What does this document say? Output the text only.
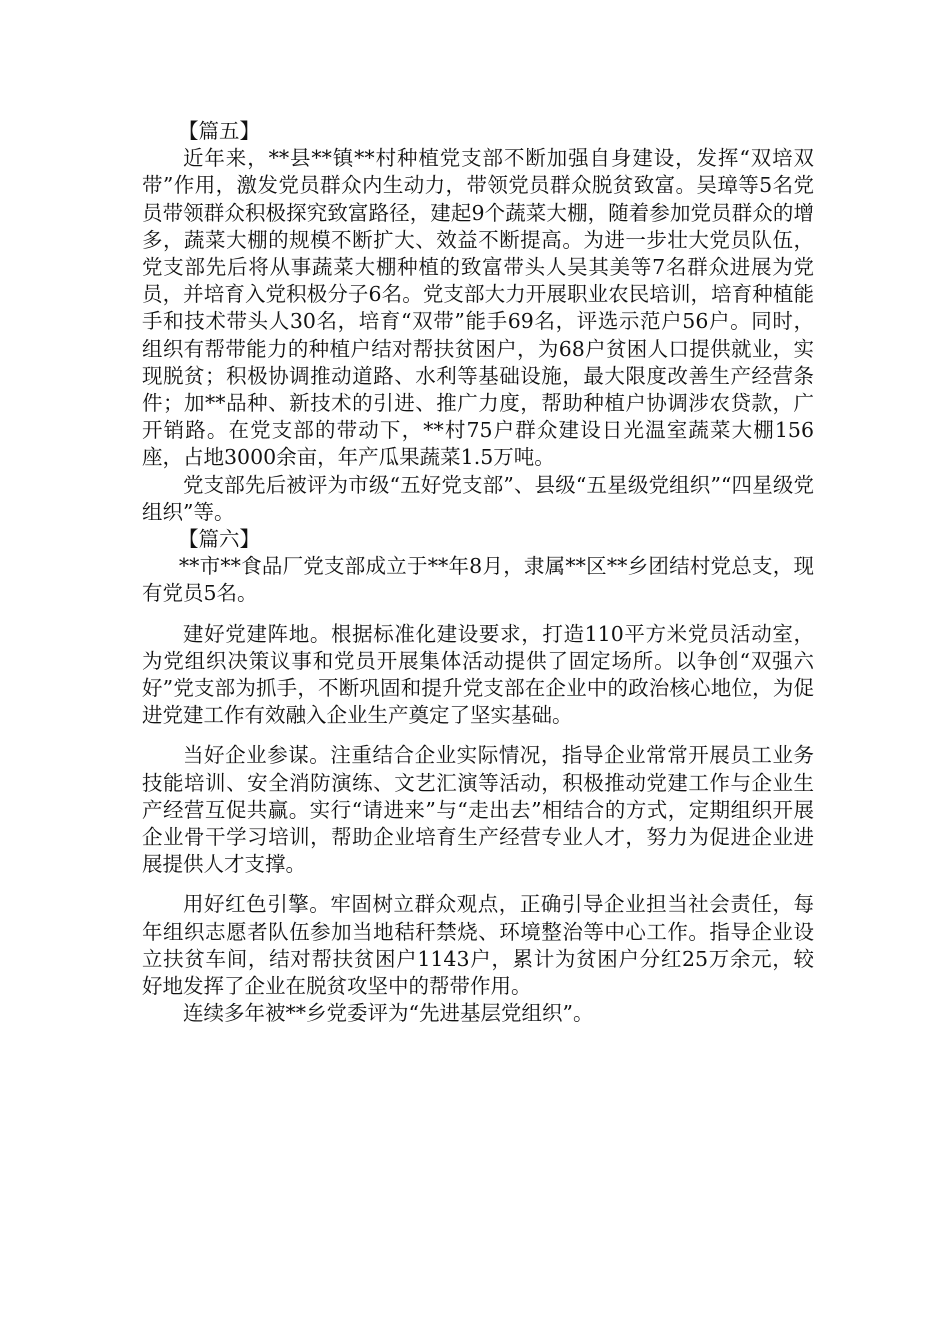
【篇五】

近年来，**县**镇**村种植党支部不断加强自身建设，发挥“双培双带”作用，激发党员群众内生动力，带领党员群众脱贫致富。吴璋等5名党员带领群众积极探究致富路径，建起9个蔬菜大棚，随着参加党员群众的增多，蔬菜大棚的规模不断扩大、效益不断提高。为进一步壮大党员队伍，党支部先后将从事蔬菜大棚种植的致富带头人吴其美等7名群众进展为党员，并培育入党积极分子6名。党支部大力开展职业农民培训，培育种植能手和技术带头人30名，培育“双带”能手69名，评选示范户56户。同时，组织有帮带能力的种植户结对帮扶贫困户，为68户贫困人口提供就业，实现脱贫；积极协调推动道路、水利等基础设施，最大限度改善生产经营条件；加**品种、新技术的引进、推广力度，帮助种植户协调涉农贷款，广开销路。在党支部的带动下，**村75户群众建设日光温室蔬菜大棚156座，占地3000余亩，年产瓜果蔬菜1.5万吨。

党支部先后被评为市级“五好党支部”、县级“五星级党组织”“四星级党组织”等。

【篇六】

**市**食品厂党支部成立于**年8月，隶属**区**乡团结村党总支，现有党员5名。

建好党建阵地。根据标准化建设要求，打造110平方米党员活动室，为党组织决策议事和党员开展集体活动提供了固定场所。以争创“双强六好”党支部为抓手，不断巩固和提升党支部在企业中的政治核心地位，为促进党建工作有效融入企业生产奠定了坚实基础。

当好企业参谋。注重结合企业实际情况，指导企业常常开展员工业务技能培训、安全消防演练、文艺汇演等活动，积极推动党建工作与企业生产经营互促共赢。实行“请进来”与“走出去”相结合的方式，定期组织开展企业骨干学习培训，帮助企业培育生产经营专业人才，努力为促进企业进展提供人才支撑。

用好红色引擎。牢固树立群众观点，正确引导企业担当社会责任，每年组织志愿者队伍参加当地秸秆禁烧、环境整治等中心工作。指导企业设立扶贫车间，结对帮扶贫困户1143户，累计为贫困户分红25万余元，较好地发挥了企业在脱贫攻坚中的帮带作用。

连续多年被**乡党委评为“先进基层党组织”。
